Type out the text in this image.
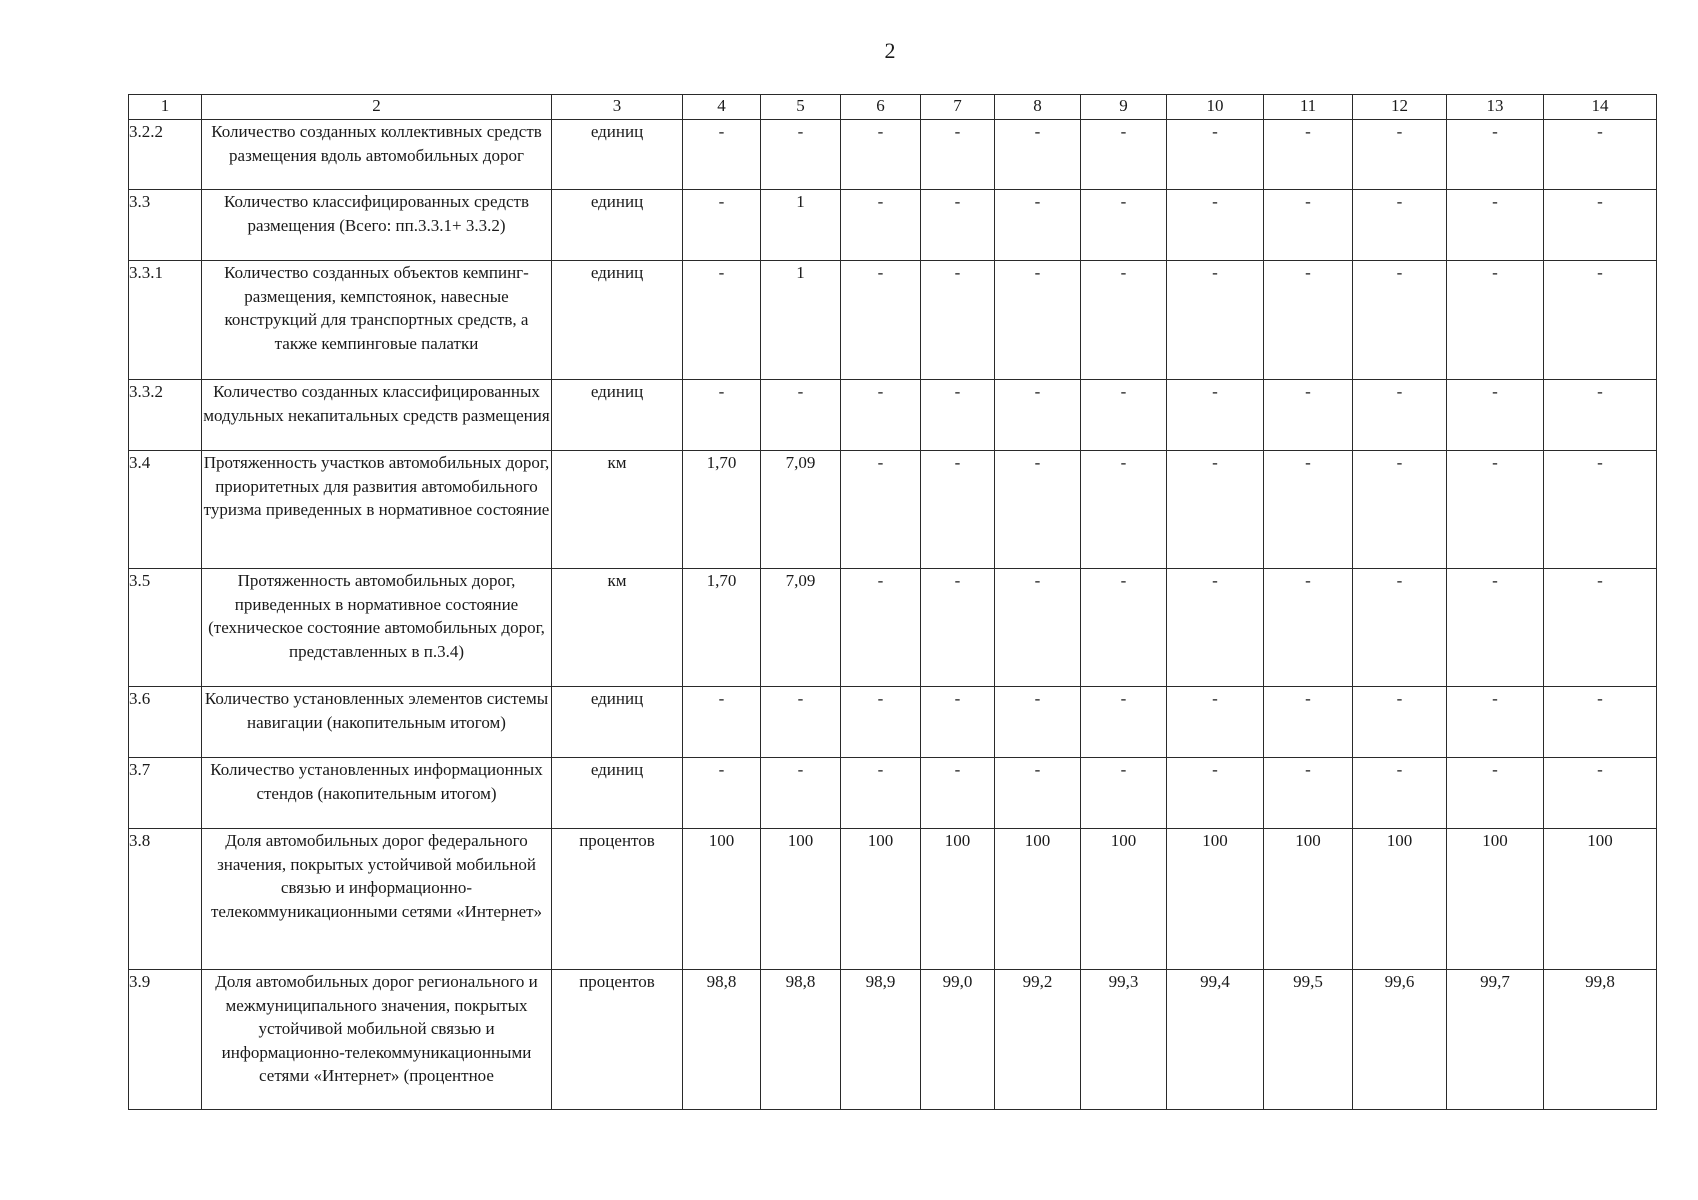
2
1	2	3	4	5	6	7	8	9	10	11	12	13	14
3.2.2	Количество созданных коллективных средств размещения вдоль автомобильных дорог	единиц	-	-	-	-	-	-	-	-	-	-	-
3.3	Количество классифицированных средств размещения (Всего: пп.3.3.1+ 3.3.2)	единиц	-	1	-	-	-	-	-	-	-	-	-
3.3.1	Количество созданных объектов кемпинг-размещения, кемпстоянок, навесные конструкций для транспортных средств, а также кемпинговые палатки	единиц	-	1	-	-	-	-	-	-	-	-	-
3.3.2	Количество созданных классифицированных модульных некапитальных средств размещения	единиц	-	-	-	-	-	-	-	-	-	-	-
3.4	Протяженность участков автомобильных дорог, приоритетных для развития автомобильного туризма приведенных в нормативное состояние	км	1,70	7,09	-	-	-	-	-	-	-	-	-
3.5	Протяженность автомобильных дорог, приведенных в нормативное состояние (техническое состояние автомобильных дорог, представленных в п.3.4)	км	1,70	7,09	-	-	-	-	-	-	-	-	-
3.6	Количество установленных элементов системы навигации (накопительным итогом)	единиц	-	-	-	-	-	-	-	-	-	-	-
3.7	Количество установленных информационных стендов (накопительным итогом)	единиц	-	-	-	-	-	-	-	-	-	-	-
3.8	Доля автомобильных дорог федерального значения, покрытых устойчивой мобильной связью и информационно-телекоммуникационными сетями «Интернет»	процентов	100	100	100	100	100	100	100	100	100	100	100
3.9	Доля автомобильных дорог регионального и межмуниципального значения, покрытых устойчивой мобильной связью и информационно-телекоммуникационными сетями «Интернет» (процентное	процентов	98,8	98,8	98,9	99,0	99,2	99,3	99,4	99,5	99,6	99,7	99,8
